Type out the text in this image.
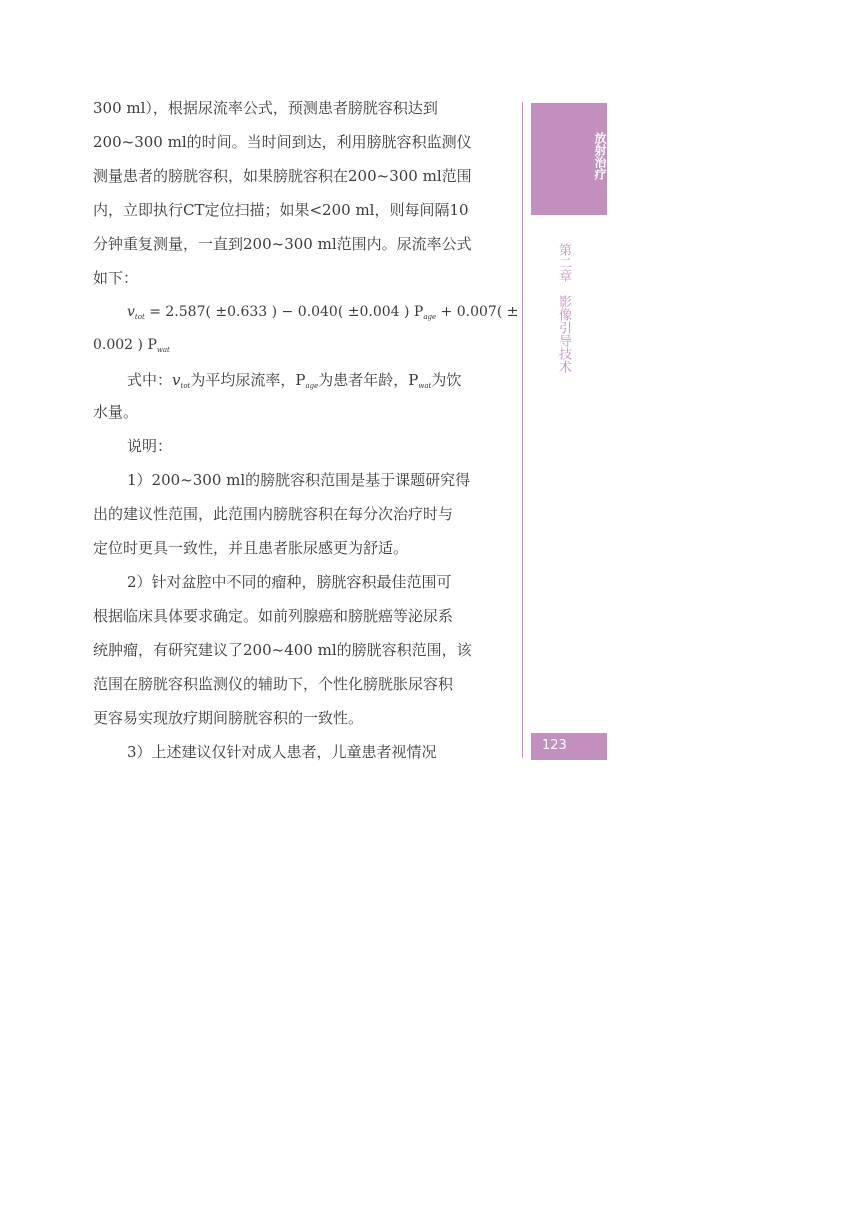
300 ml），根据尿流率公式，预测患者膀胱容积达到
200~300 ml的时间。当时间到达，利用膀胱容积监测仪
测量患者的膀胱容积，如果膀胱容积在200~300 ml范围
内，立即执行CT定位扫描；如果<200 ml，则每间隔10
分钟重复测量，一直到200~300 ml范围内。尿流率公式
如下：
$v_{tot} = 2.587( \pm 0.633$ ) − 0.040( ±0.004 ) $P_{age} + 0.007$( ±
0.002 ) $P_{wat}$
式中：$v_{tot}$为平均尿流率，$P_{age}$为患者年龄，$P_{wat}$为饮
水量。
说明：
1）200~300 ml的膀胱容积范围是基于课题研究得
出的建议性范围，此范围内膀胱容积在每分次治疗时与
定位时更具一致性，并且患者胀尿感更为舒适。
2）针对盆腔中不同的瘤种，膀胱容积最佳范围可
根据临床具体要求确定。如前列腺癌和膀胱癌等泌尿系
统肿瘤，有研究建议了200~400 ml的膀胱容积范围，该
范围在膀胱容积监测仪的辅助下，个性化膀胱胀尿容积
更容易实现放疗期间膀胱容积的一致性。
3）上述建议仅针对成人患者，儿童患者视情况
放射治疗
第二章　影像引导技术
123
